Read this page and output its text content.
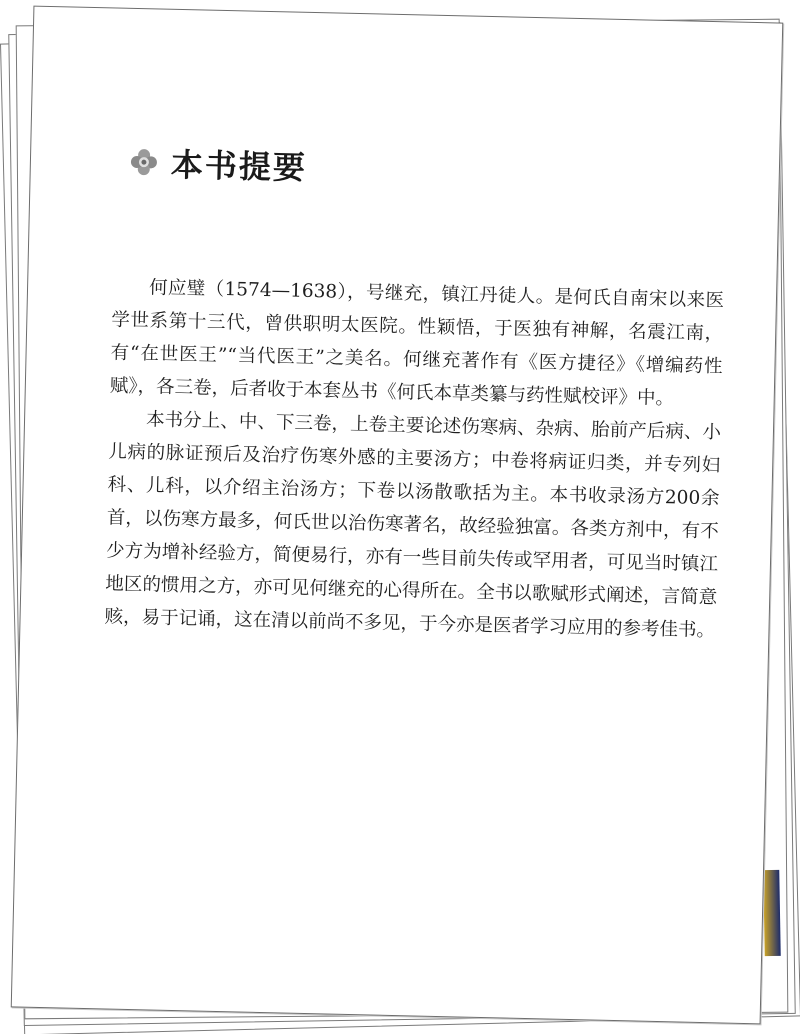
本书提要

何应璧（1574—1638），号继充，镇江丹徒人。是何氏自南宋以来医学世系第十三代，曾供职明太医院。性颖悟，于医独有神解，名震江南，有“在世医王”“当代医王”之美名。何继充著作有《医方捷径》《增编药性赋》，各三卷，后者收于本套丛书《何氏本草类纂与药性赋校评》中。

本书分上、中、下三卷，上卷主要论述伤寒病、杂病、胎前产后病、小儿病的脉证预后及治疗伤寒外感的主要汤方；中卷将病证归类，并专列妇科、儿科，以介绍主治汤方；下卷以汤散歌括为主。本书收录汤方200余首，以伤寒方最多，何氏世以治伤寒著名，故经验独富。各类方剂中，有不少方为增补经验方，简便易行，亦有一些目前失传或罕用者，可见当时镇江地区的惯用之方，亦可见何继充的心得所在。全书以歌赋形式阐述，言简意赅，易于记诵，这在清以前尚不多见，于今亦是医者学习应用的参考佳书。
